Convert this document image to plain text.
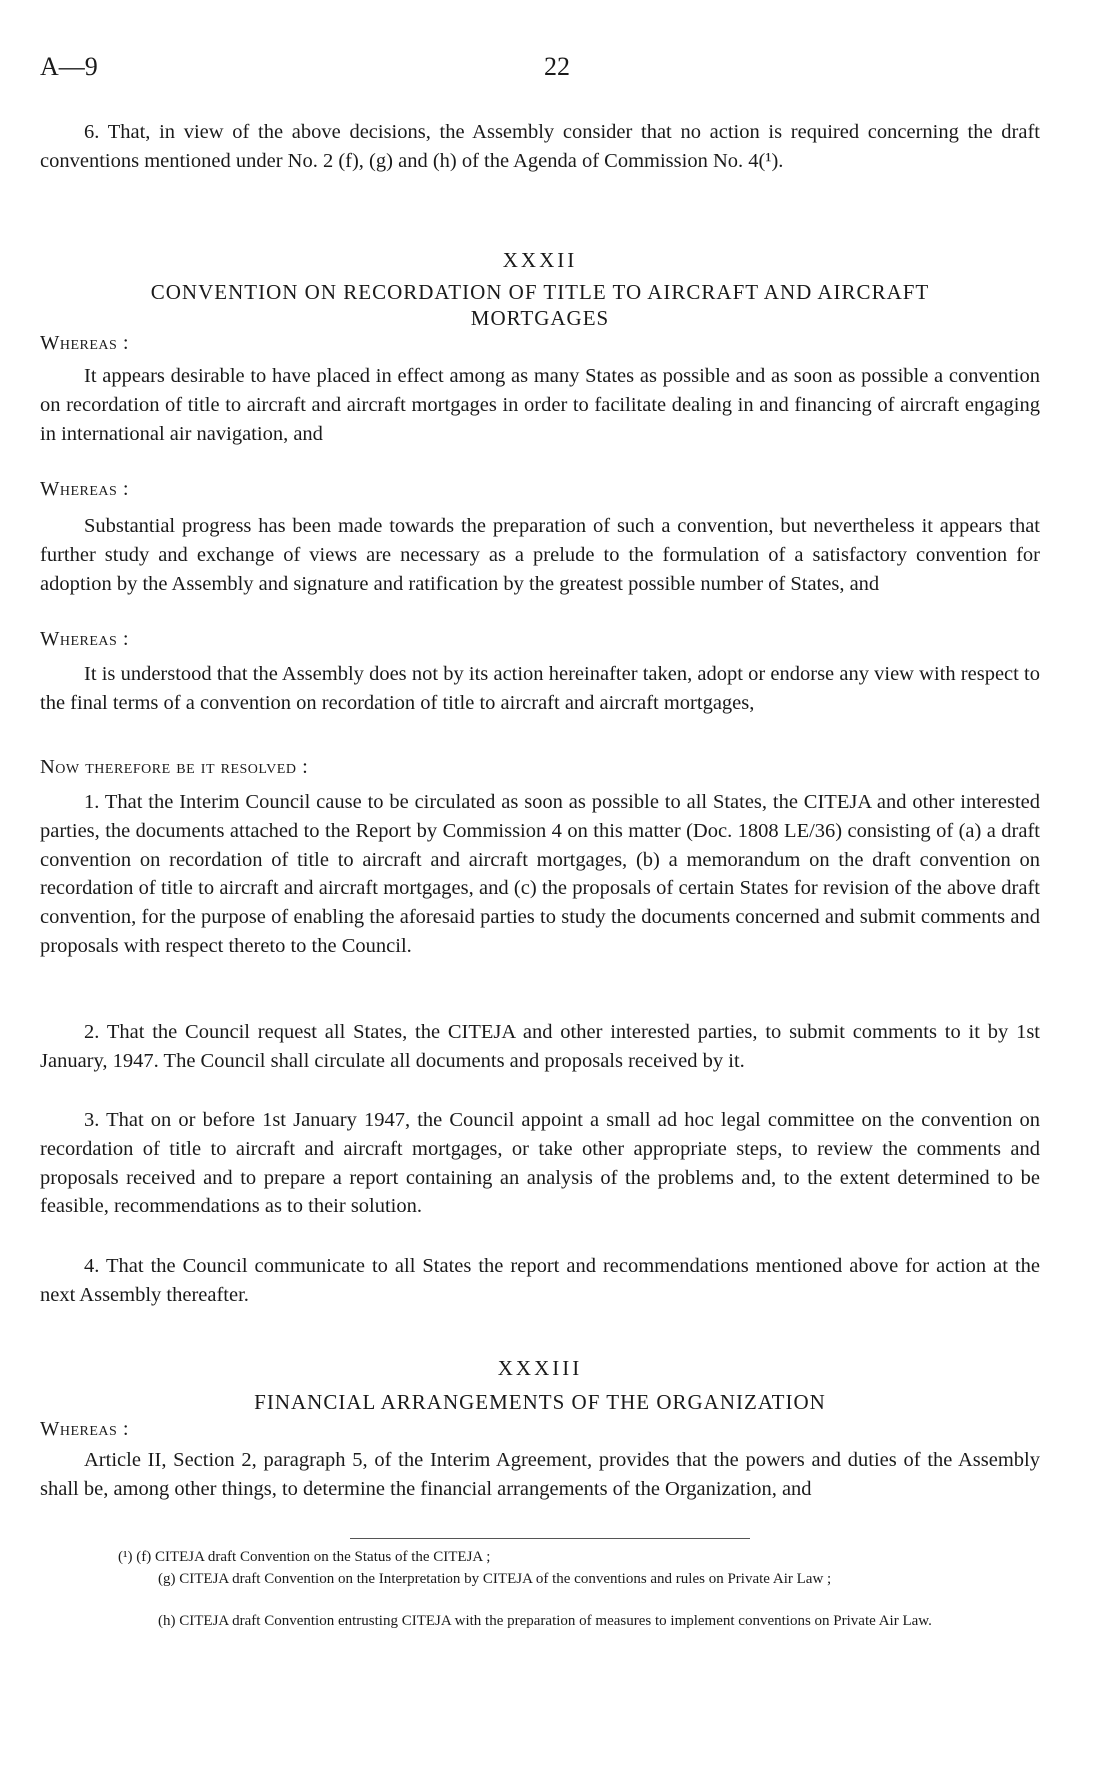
A—9	22
6. That, in view of the above decisions, the Assembly consider that no action is required concerning the draft conventions mentioned under No. 2 (f), (g) and (h) of the Agenda of Commission No. 4(¹).
XXXII
CONVENTION ON RECORDATION OF TITLE TO AIRCRAFT AND AIRCRAFT
MORTGAGES
Whereas :
It appears desirable to have placed in effect among as many States as possible and as soon as possible a convention on recordation of title to aircraft and aircraft mortgages in order to facilitate dealing in and financing of aircraft engaging in international air navigation, and
Whereas :
Substantial progress has been made towards the preparation of such a convention, but nevertheless it appears that further study and exchange of views are necessary as a prelude to the formulation of a satisfactory convention for adoption by the Assembly and signature and ratification by the greatest possible number of States, and
Whereas :
It is understood that the Assembly does not by its action hereinafter taken, adopt or endorse any view with respect to the final terms of a convention on recordation of title to aircraft and aircraft mortgages,
Now therefore be it resolved :
1. That the Interim Council cause to be circulated as soon as possible to all States, the CITEJA and other interested parties, the documents attached to the Report by Commission 4 on this matter (Doc. 1808 LE/36) consisting of (a) a draft convention on recordation of title to aircraft and aircraft mortgages, (b) a memorandum on the draft convention on recordation of title to aircraft and aircraft mortgages, and (c) the proposals of certain States for revision of the above draft convention, for the purpose of enabling the aforesaid parties to study the documents concerned and submit comments and proposals with respect thereto to the Council.
2. That the Council request all States, the CITEJA and other interested parties, to submit comments to it by 1st January, 1947. The Council shall circulate all documents and proposals received by it.
3. That on or before 1st January 1947, the Council appoint a small ad hoc legal committee on the convention on recordation of title to aircraft and aircraft mortgages, or take other appropriate steps, to review the comments and proposals received and to prepare a report containing an analysis of the problems and, to the extent determined to be feasible, recommendations as to their solution.
4. That the Council communicate to all States the report and recommendations mentioned above for action at the next Assembly thereafter.
XXXIII
FINANCIAL ARRANGEMENTS OF THE ORGANIZATION
Whereas :
Article II, Section 2, paragraph 5, of the Interim Agreement, provides that the powers and duties of the Assembly shall be, among other things, to determine the financial arrangements of the Organization, and
(¹) (f) CITEJA draft Convention on the Status of the CITEJA ;
(g) CITEJA draft Convention on the Interpretation by CITEJA of the conventions and rules on Private Air Law ;
(h) CITEJA draft Convention entrusting CITEJA with the preparation of measures to implement conventions on Private Air Law.
